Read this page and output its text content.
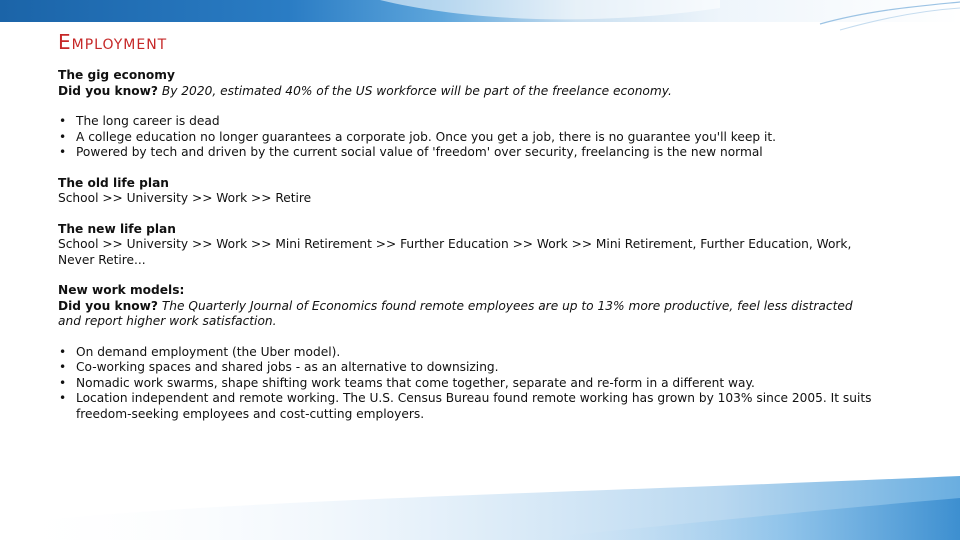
Employment
The gig economy
Did you know? By 2020, estimated 40% of the US workforce will be part of the freelance economy.
• The long career is dead
• A college education no longer guarantees a corporate job. Once you get a job, there is no guarantee you'll keep it.
• Powered by tech and driven by the current social value of 'freedom' over security, freelancing is the new normal
The old life plan
School >> University >> Work >> Retire
The new life plan
School >> University >> Work >> Mini Retirement >> Further Education >> Work >> Mini Retirement, Further Education, Work, Never Retire...
New work models:
Did you know? The Quarterly Journal of Economics found remote employees are up to 13% more productive, feel less distracted and report higher work satisfaction.
• On demand employment (the Uber model).
• Co-working spaces and shared jobs - as an alternative to downsizing.
• Nomadic work swarms, shape shifting work teams that come together, separate and re-form in a different way.
• Location independent and remote working. The U.S. Census Bureau found remote working has grown by 103% since 2005. It suits freedom-seeking employees and cost-cutting employers.
